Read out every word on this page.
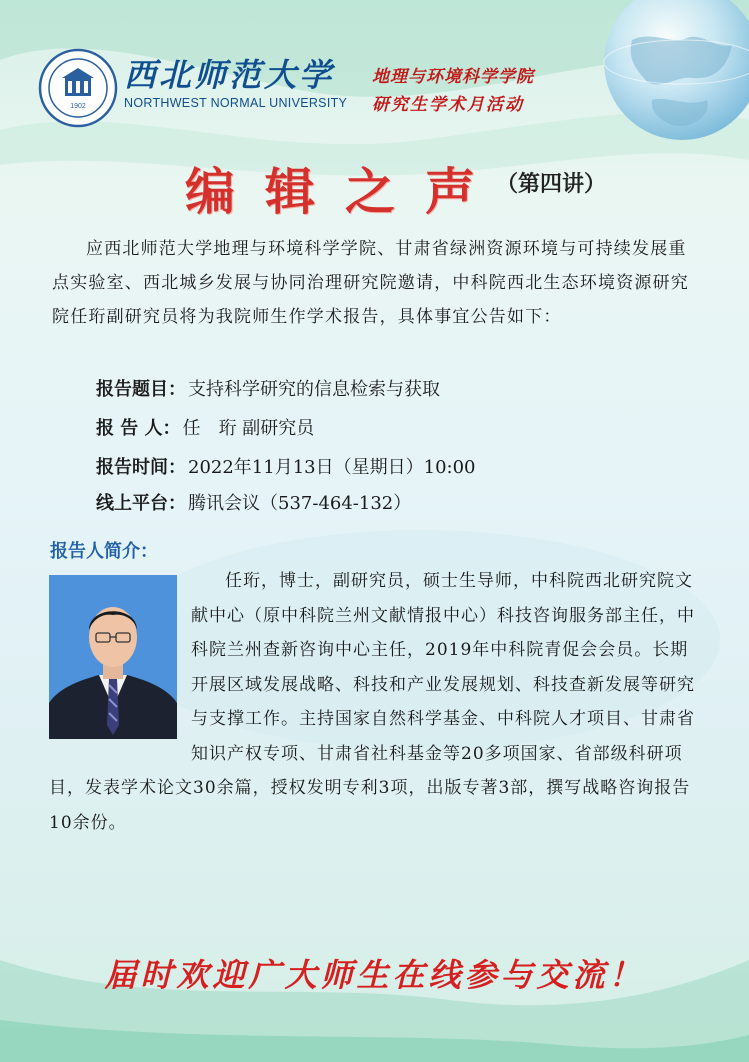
1902
西北师范大学
NORTHWEST NORMAL UNIVERSITY
地理与环境科学学院
研究生学术月活动
编辑之声
（第四讲）
应西北师范大学地理与环境科学学院、甘肃省绿洲资源环境与可持续发展重点实验室、西北城乡发展与协同治理研究院邀请，中科院西北生态环境资源研究院任珩副研究员将为我院师生作学术报告，具体事宜公告如下：
报告题目： 支持科学研究的信息检索与获取
报 告 人： 任　珩 副研究员
报告时间： 2022年11月13日（星期日）10:00
线上平台： 腾讯会议（537-464-132）
报告人简介：
任珩，博士，副研究员，硕士生导师，中科院西北研究院文献中心（原中科院兰州文献情报中心）科技咨询服务部主任，中科院兰州查新咨询中心主任，2019年中科院青促会会员。长期开展区域发展战略、科技和产业发展规划、科技查新发展等研究与支撑工作。主持国家自然科学基金、中科院人才项目、甘肃省知识产权专项、甘肃省社科基金等20多项国家、省部级科研项目，发表学术论文30余篇，授权发明专利3项，出版专著3部，撰写战略咨询报告10余份。
届时欢迎广大师生在线参与交流！
